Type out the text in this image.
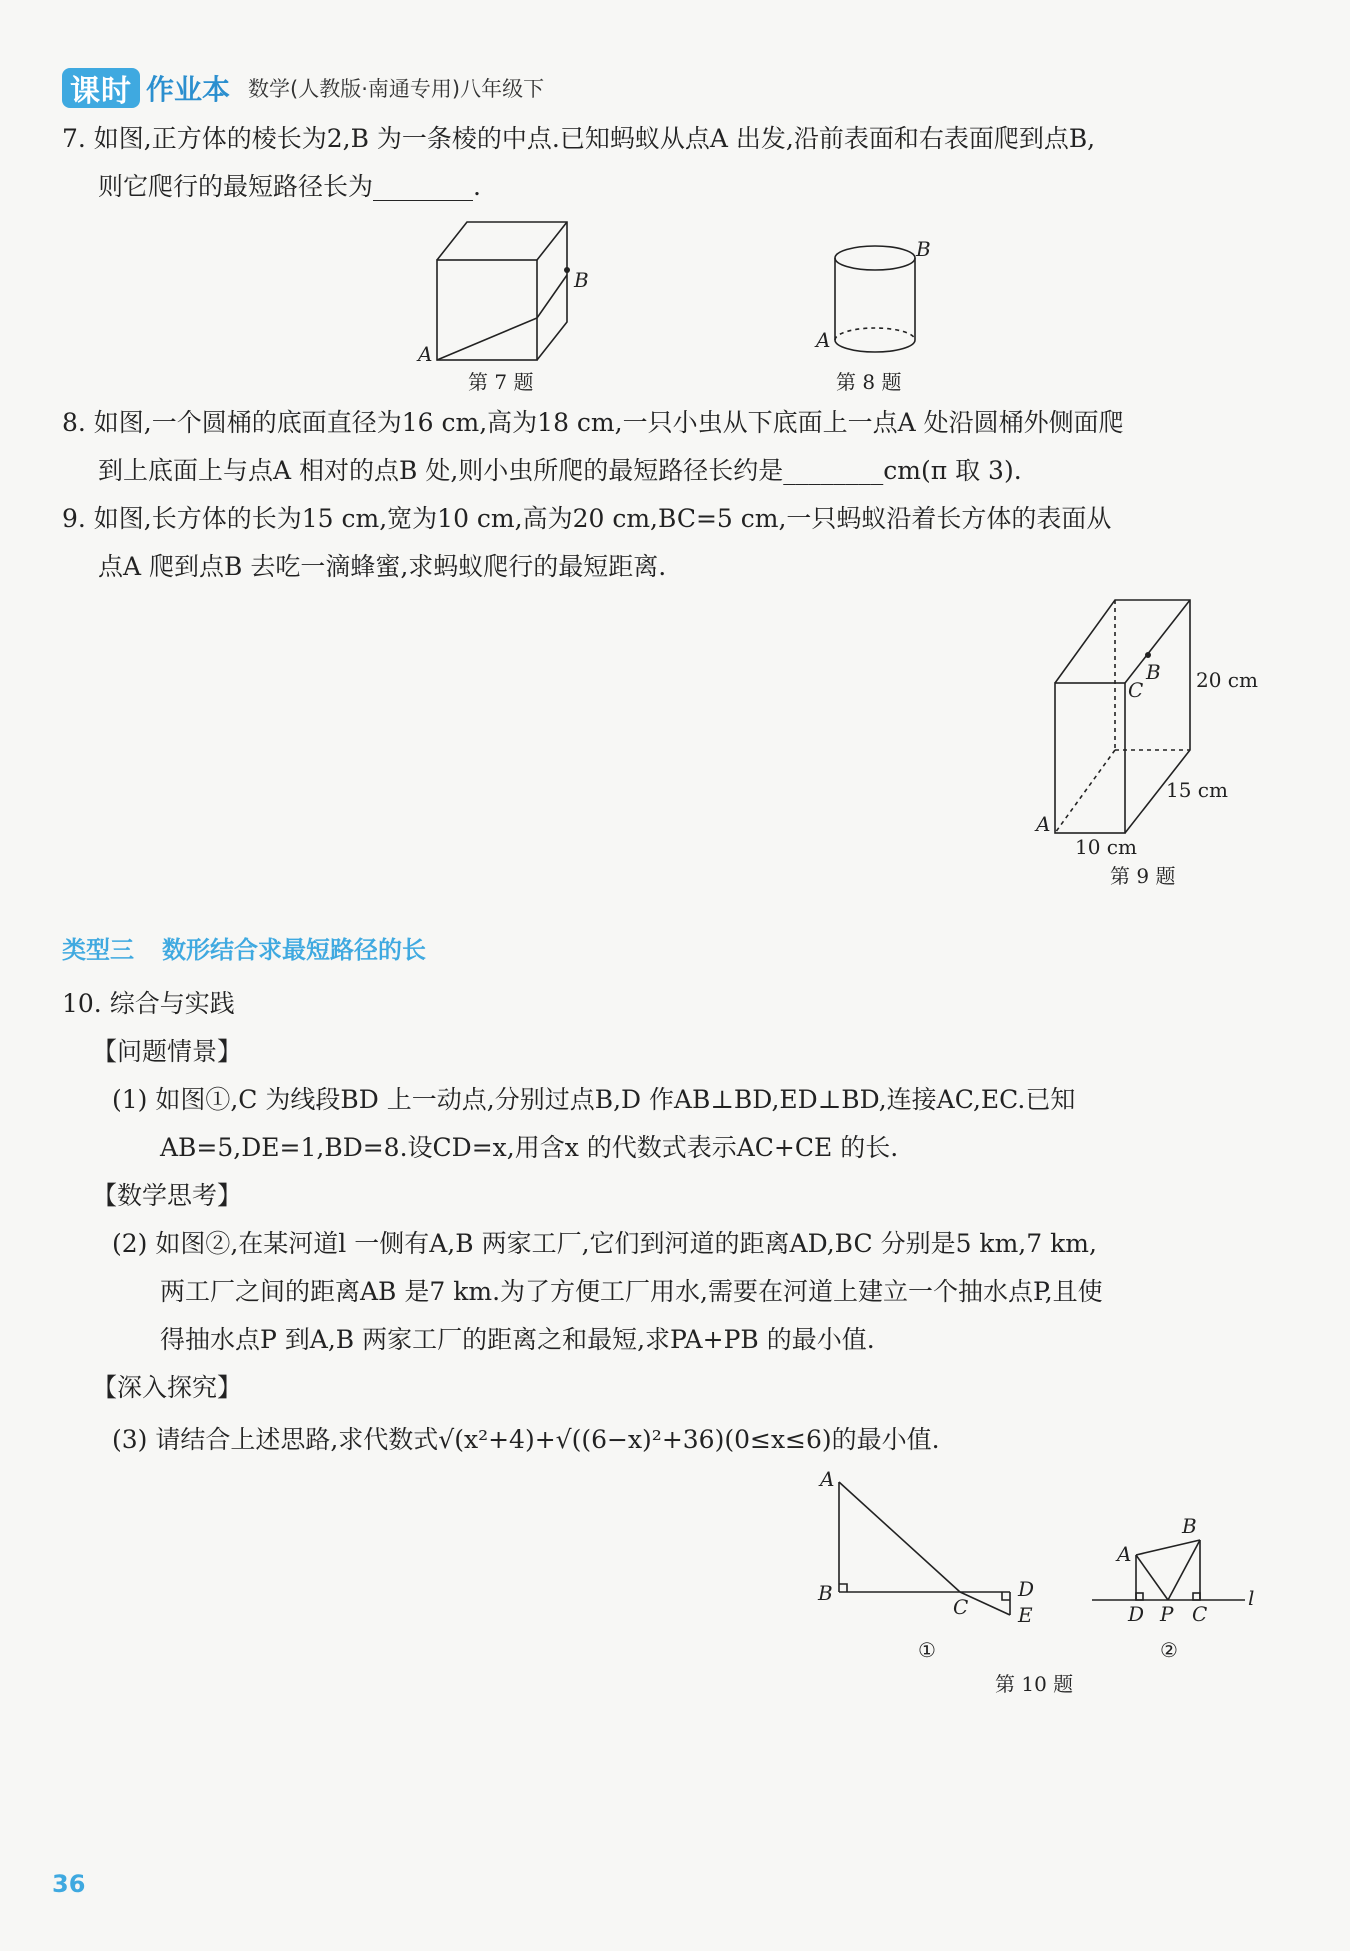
课时 作业本 数学(人教版·南通专用)八年级下
7. 如图,正方体的棱长为2,B 为一条棱的中点.已知蚂蚁从点A 出发,沿前表面和右表面爬到点B,
则它爬行的最短路径长为________.
B
A
第 7 题
B
A
第 8 题
8. 如图,一个圆桶的底面直径为16 cm,高为18 cm,一只小虫从下底面上一点A 处沿圆桶外侧面爬
到上底面上与点A 相对的点B 处,则小虫所爬的最短路径长约是________cm(π 取 3).
9. 如图,长方体的长为15 cm,宽为10 cm,高为20 cm,BC=5 cm,一只蚂蚁沿着长方体的表面从
点A 爬到点B 去吃一滴蜂蜜,求蚂蚁爬行的最短距离.
B
C	20 cm
15 cm
10 cm
A
第 9 题
类型三 数形结合求最短路径的长
10. 综合与实践
【问题情景】
(1) 如图①,C 为线段BD 上一动点,分别过点B,D 作AB⊥BD,ED⊥BD,连接AC,EC.已知
AB=5,DE=1,BD=8.设CD=x,用含x 的代数式表示AC+CE 的长.
【数学思考】
(2) 如图②,在某河道l 一侧有A,B 两家工厂,它们到河道的距离AD,BC 分别是5 km,7 km,
两工厂之间的距离AB 是7 km.为了方便工厂用水,需要在河道上建立一个抽水点P,且使
得抽水点P 到A,B 两家工厂的距离之和最短,求PA+PB 的最小值.
【深入探究】
(3) 请结合上述思路,求代数式√(x²+4)+√((6−x)²+36)(0≤x≤6)的最小值.
A
B
C
D
E
①
A
B
D P C
l
②
第 10 题
36
